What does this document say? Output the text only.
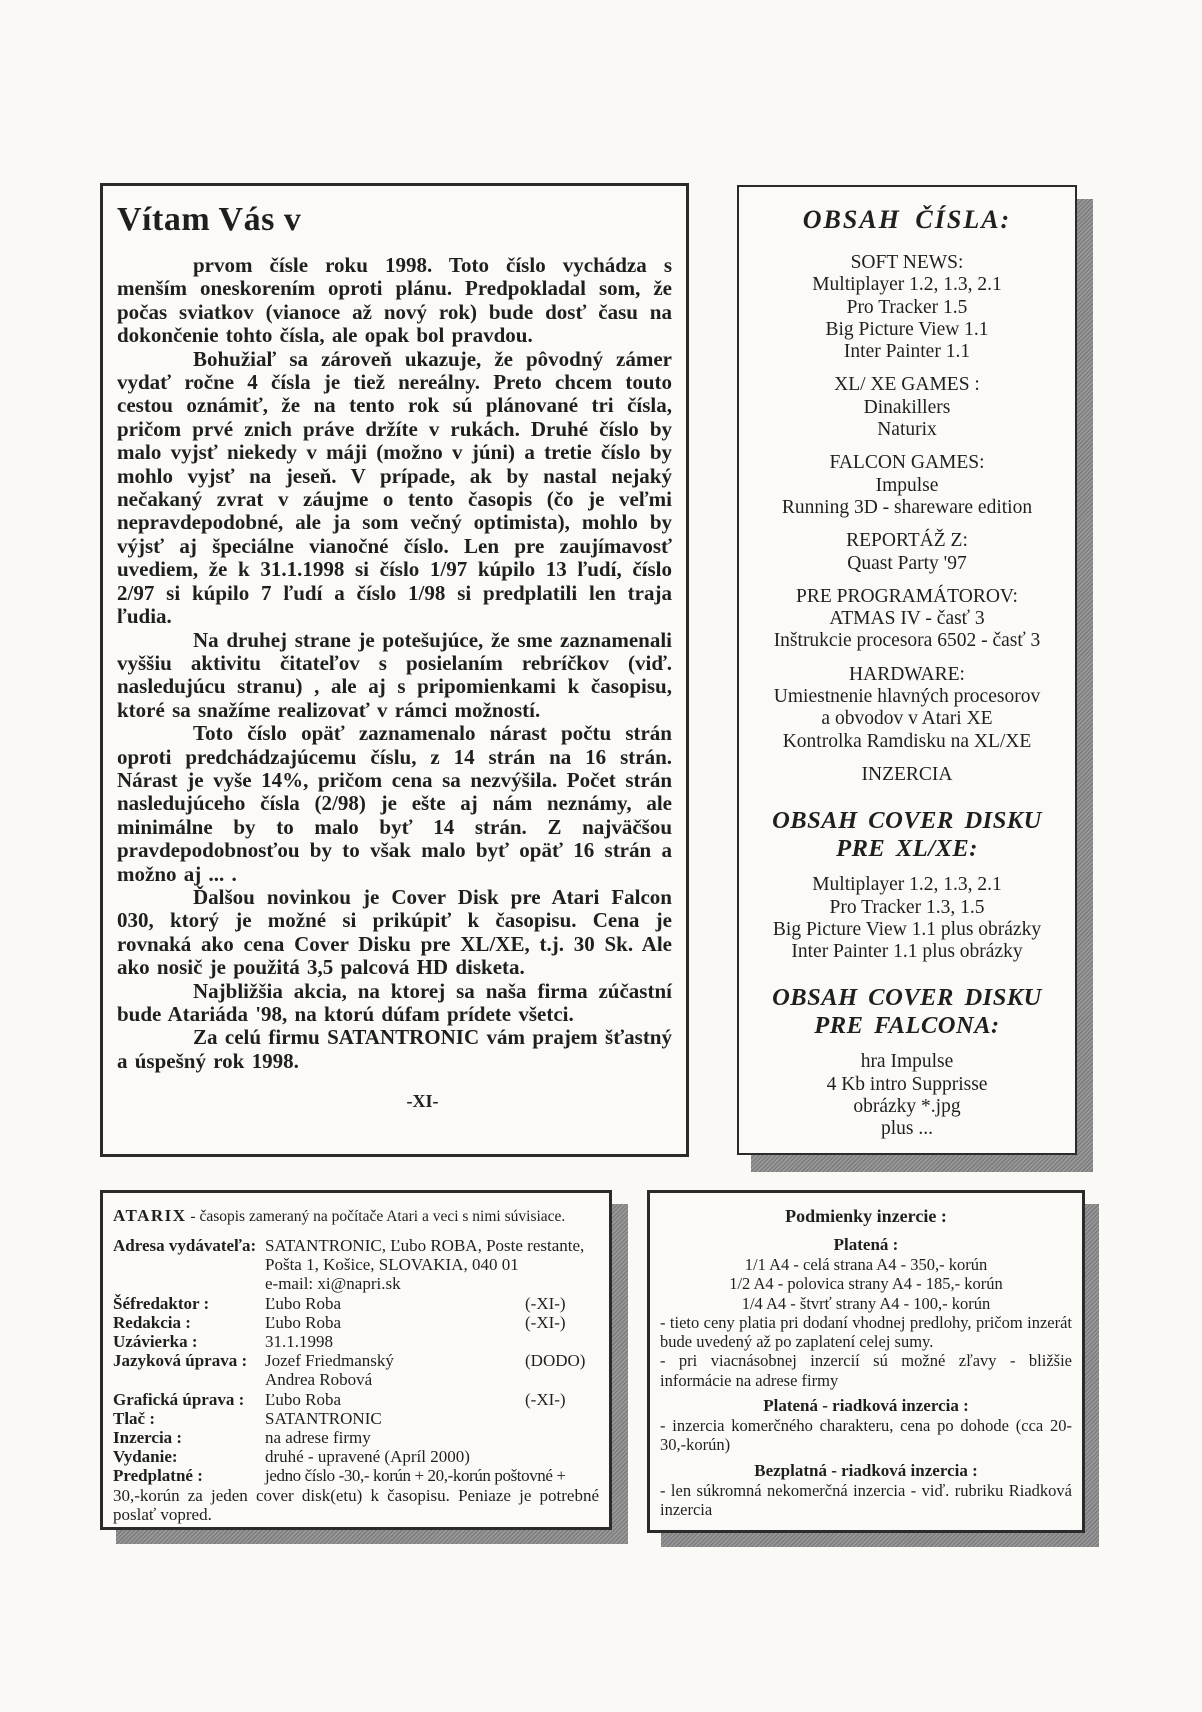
Vítam Vás v

prvom čísle roku 1998. Toto číslo vychádza s menším oneskorením oproti plánu. Predpokladal som, že počas sviatkov (vianoce až nový rok) bude dosť času na dokončenie tohto čísla, ale opak bol pravdou.

Bohužiaľ sa zároveň ukazuje, že pôvodný zámer vydať ročne 4 čísla je tiež nereálny. Preto chcem touto cestou oznámiť, že na tento rok sú plánované tri čísla, pričom prvé znich práve držíte v rukách. Druhé číslo by malo vyjsť niekedy v máji (možno v júni) a tretie číslo by mohlo vyjsť na jeseň. V prípade, ak by nastal nejaký nečakaný zvrat v záujme o tento časopis (čo je veľmi nepravdepodobné, ale ja som večný optimista), mohlo by výjsť aj špeciálne vianočné číslo. Len pre zaujímavosť uvediem, že k 31.1.1998 si číslo 1/97 kúpilo 13 ľudí, číslo 2/97 si kúpilo 7 ľudí a číslo 1/98 si predplatili len traja ľudia.

Na druhej strane je potešujúce, že sme zaznamenali vyššiu aktivitu čitateľov s posielaním rebríčkov (viď. nasledujúcu stranu) , ale aj s pripomienkami k časopisu, ktoré sa snažíme realizovať v rámci možností.

Toto číslo opäť zaznamenalo nárast počtu strán oproti predchádzajúcemu číslu, z 14 strán na 16 strán. Nárast je vyše 14%, pričom cena sa nezvýšila. Počet strán nasledujúceho čísla (2/98) je ešte aj nám neznámy, ale minimálne by to malo byť 14 strán. Z najväčšou pravdepodobnosťou by to však malo byť opäť 16 strán a možno aj ... .

Ďalšou novinkou je Cover Disk pre Atari Falcon 030, ktorý je možné si prikúpiť k časopisu. Cena je rovnaká ako cena Cover Disku pre XL/XE, t.j. 30 Sk. Ale ako nosič je použitá 3,5 palcová HD disketa.

Najbližšia akcia, na ktorej sa naša firma zúčastní bude Atariáda '98, na ktorú dúfam prídete všetci.

Za celú firmu SATANTRONIC vám prajem šťastný a úspešný rok 1998.

-XI-
OBSAH ČÍSLA:
SOFT NEWS:
Multiplayer 1.2, 1.3, 2.1
Pro Tracker 1.5
Big Picture View 1.1
Inter Painter 1.1
XL/ XE GAMES :
Dinakillers
Naturix
FALCON GAMES:
Impulse
Running 3D - shareware edition
REPORTÁŽ Z:
Quast Party '97
PRE PROGRAMÁTOROV:
ATMAS IV - časť 3
Inštrukcie procesora 6502 - časť 3
HARDWARE:
Umiestnenie hlavných procesorov
a obvodov v Atari XE
Kontrolka Ramdisku na XL/XE
INZERCIA
OBSAH COVER DISKU
PRE XL/XE:
Multiplayer 1.2, 1.3, 2.1
Pro Tracker 1.3, 1.5
Big Picture View 1.1 plus obrázky
Inter Painter 1.1 plus obrázky
OBSAH COVER DISKU
PRE FALCONA:
hra Impulse
4 Kb intro Supprisse
obrázky *.jpg
plus ...
ATARIX - časopis zameraný na počítače Atari a veci s nimi súvisiace.
Adresa vydávateľa: SATANTRONIC, Ľubo ROBA, Poste restante,
Pošta 1, Košice, SLOVAKIA, 040 01
e-mail: xi@napri.sk
Šéfredaktor :	Ľubo Roba	(-XI-)
Redakcia :	Ľubo Roba	(-XI-)
Uzávierka :	31.1.1998
Jazyková úprava : Jozef Friedmanský	(DODO)
Andrea Robová
Grafická úprava : Ľubo Roba	(-XI-)
Tlač :	SATANTRONIC
Inzercia :	na adrese firmy
Vydanie:	druhé - upravené (Apríl 2000)
Predplatné :	jedno číslo -30,- korún + 20,-korún poštovné +

30,-korún za jeden cover disk(etu) k časopisu. Peniaze je potrebné poslať vopred.

Podmienky inzercie :
Platená :
1/1 A4 - celá strana A4 - 350,- korún
1/2 A4 - polovica strany A4 - 185,- korún
1/4 A4 - štvrť strany A4 - 100,- korún
- tieto ceny platia pri dodaní vhodnej predlohy, pričom inzerát bude uvedený až po zaplatení celej sumy.
- pri viacnásobnej inzercií sú možné zľavy - bližšie informácie na adrese firmy
Platená - riadková inzercia :
- inzercia komerčného charakteru, cena po dohode (cca 20-30,-korún)
Bezplatná - riadková inzercia :
- len súkromná nekomerčná inzercia - viď. rubriku Riadková inzercia
